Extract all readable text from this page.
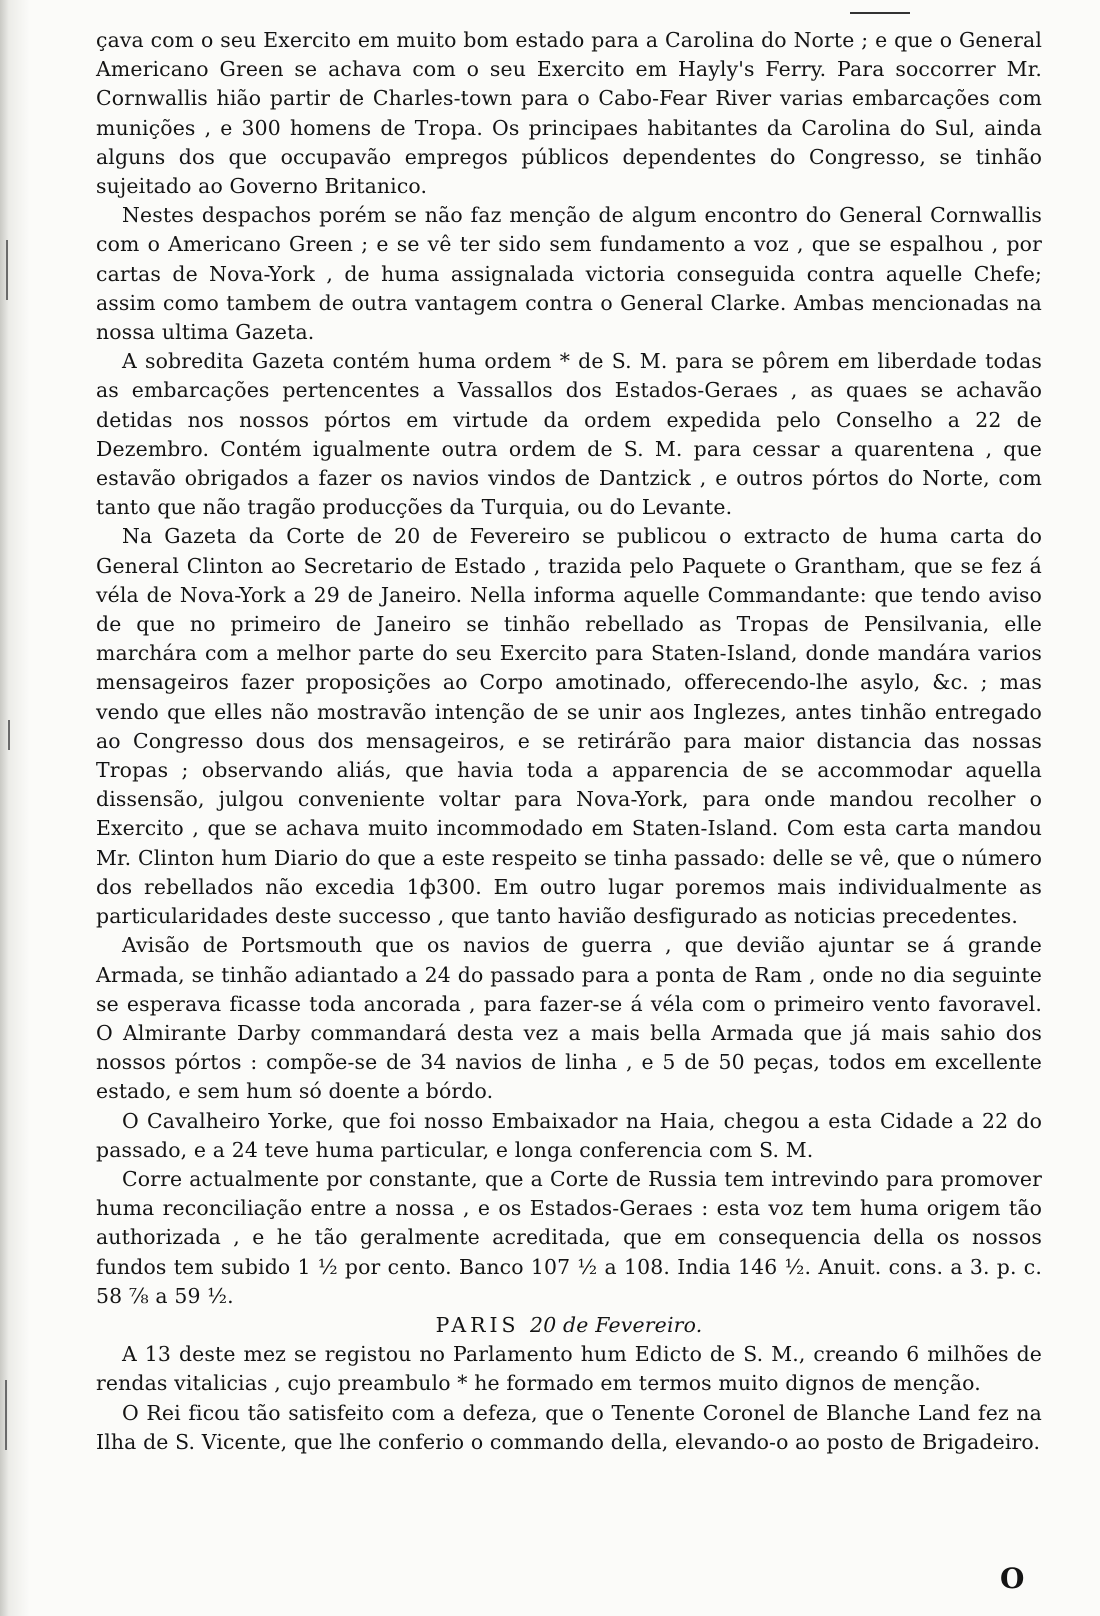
çava com o seu Exercito em muito bom estado para a Carolina do Norte ; e que o General Americano Green se achava com o seu Exercito em Hayly's Ferry. Para soccorrer Mr. Cornwallis hião partir de Charles-town para o Cabo-Fear River varias embarcações com munições , e 300 homens de Tropa. Os principaes habitantes da Carolina do Sul, ainda alguns dos que occupavão empregos públicos dependentes do Congresso, se tinhão sujeitado ao Governo Britanico.

Nestes despachos porém se não faz menção de algum encontro do General Cornwallis com o Americano Green ; e se vê ter sido sem fundamento a voz , que se espalhou , por cartas de Nova-York , de huma assignalada victoria conseguida contra aquelle Chefe; assim como tambem de outra vantagem contra o General Clarke. Ambas mencionadas na nossa ultima Gazeta.

A sobredita Gazeta contém huma ordem * de S. M. para se pôrem em liberdade todas as embarcações pertencentes a Vassallos dos Estados-Geraes , as quaes se achavão detidas nos nossos pórtos em virtude da ordem expedida pelo Conselho a 22 de Dezembro. Contém igualmente outra ordem de S. M. para cessar a quarentena , que estavão obrigados a fazer os navios vindos de Dantzick , e outros pórtos do Norte, com tanto que não tragão producções da Turquia, ou do Levante.

Na Gazeta da Corte de 20 de Fevereiro se publicou o extracto de huma carta do General Clinton ao Secretario de Estado , trazida pelo Paquete o Grantham, que se fez á véla de Nova-York a 29 de Janeiro. Nella informa aquelle Commandante: que tendo aviso de que no primeiro de Janeiro se tinhão rebellado as Tropas de Pensilvania, elle marchára com a melhor parte do seu Exercito para Staten-Island, donde mandára varios mensageiros fazer proposições ao Corpo amotinado, offerecendo-lhe asylo, &c. ; mas vendo que elles não mostravão intenção de se unir aos Inglezes, antes tinhão entregado ao Congresso dous dos mensageiros, e se retirárão para maior distancia das nossas Tropas ; observando aliás, que havia toda a apparencia de se accommodar aquella dissensão, julgou conveniente voltar para Nova-York, para onde mandou recolher o Exercito , que se achava muito incommodado em Staten-Island. Com esta carta mandou Mr. Clinton hum Diario do que a este respeito se tinha passado: delle se vê, que o número dos rebellados não excedia 1ф300. Em outro lugar poremos mais individualmente as particularidades deste successo , que tanto havião desfigurado as noticias precedentes.

Avisão de Portsmouth que os navios de guerra , que devião ajuntar se á grande Armada, se tinhão adiantado a 24 do passado para a ponta de Ram , onde no dia seguinte se esperava ficasse toda ancorada , para fazer-se á véla com o primeiro vento favoravel. O Almirante Darby commandará desta vez a mais bella Armada que já mais sahio dos nossos pórtos : compõe-se de 34 navios de linha , e 5 de 50 peças, todos em excellente estado, e sem hum só doente a bórdo.

O Cavalheiro Yorke, que foi nosso Embaixador na Haia, chegou a esta Cidade a 22 do passado, e a 24 teve huma particular, e longa conferencia com S. M.

Corre actualmente por constante, que a Corte de Russia tem intrevindo para promover huma reconciliação entre a nossa , e os Estados-Geraes : esta voz tem huma origem tão authorizada , e he tão geralmente acreditada, que em consequencia della os nossos fundos tem subido 1 ½ por cento. Banco 107 ½ a 108. India 146 ½. Anuit. cons. a 3. p. c. 58 ⅞ a 59 ½.

PARIS 20 de Fevereiro.

A 13 deste mez se registou no Parlamento hum Edicto de S. M., creando 6 milhões de rendas vitalicias , cujo preambulo * he formado em termos muito dignos de menção.

O Rei ficou tão satisfeito com a defeza, que o Tenente Coronel de Blanche Land fez na Ilha de S. Vicente, que lhe conferio o commando della, elevando-o ao posto de Brigadeiro.

O
